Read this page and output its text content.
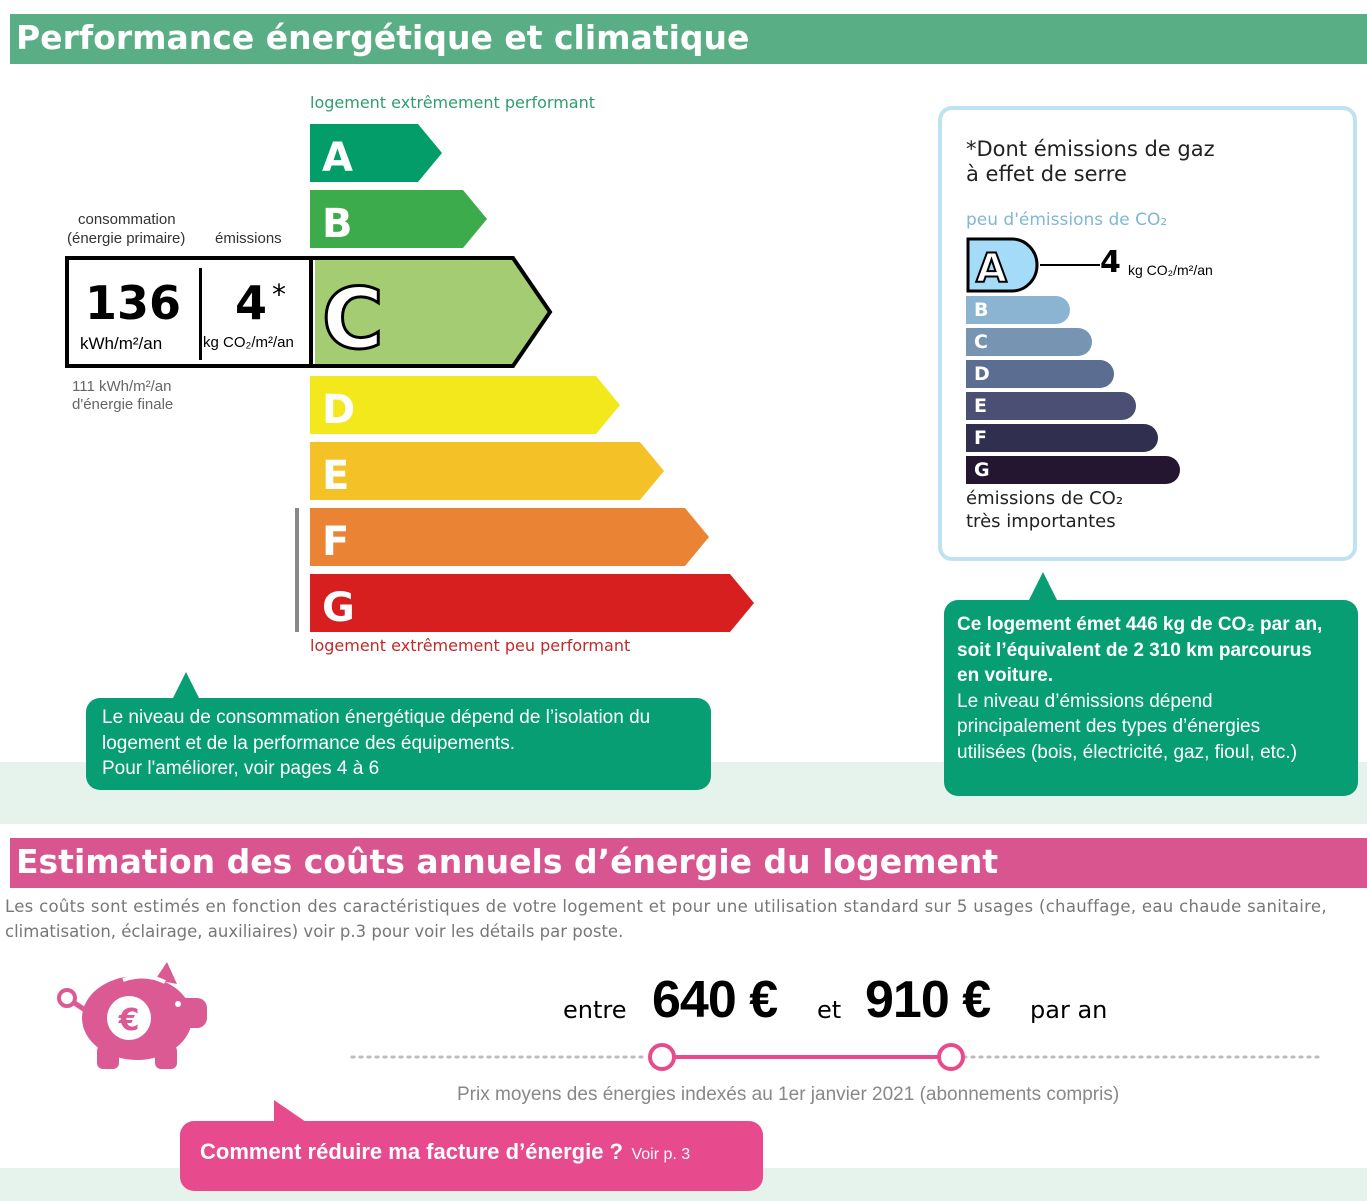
Performance énergétique et climatique
logement extrêmement performant
logement extrêmement peu performant
A
B
C
D
E
F
G
consommation
(énergie primaire) émissions
136
kWh/m²/an
4 *
kg CO₂/m²/an
111 kWh/m²/an
d'énergie finale
*Dont émissions de gaz
à effet de serre
peu d'émissions de CO₂
A	4 kg CO₂/m²/an
B
C
D
E
F
G
émissions de CO₂
très importantes
Le niveau de consommation énergétique dépend de l’isolation du
logement et de la performance des équipements.
Pour l'améliorer, voir pages 4 à 6
Ce logement émet 446 kg de CO₂ par an,
soit l’équivalent de 2 310 km parcourus
en voiture.
Le niveau d’émissions dépend
principalement des types d’énergies
utilisées (bois, électricité, gaz, fioul, etc.)
Estimation des coûts annuels d’énergie du logement
Les coûts sont estimés en fonction des caractéristiques de votre logement et pour une utilisation standard sur 5 usages (chauffage, eau chaude sanitaire,
climatisation, éclairage, auxiliaires) voir p.3 pour voir les détails par poste.
€	entre 640 € et 910 € par an
Prix moyens des énergies indexés au 1er janvier 2021 (abonnements compris)
Comment réduire ma facture d’énergie ? Voir p. 3
